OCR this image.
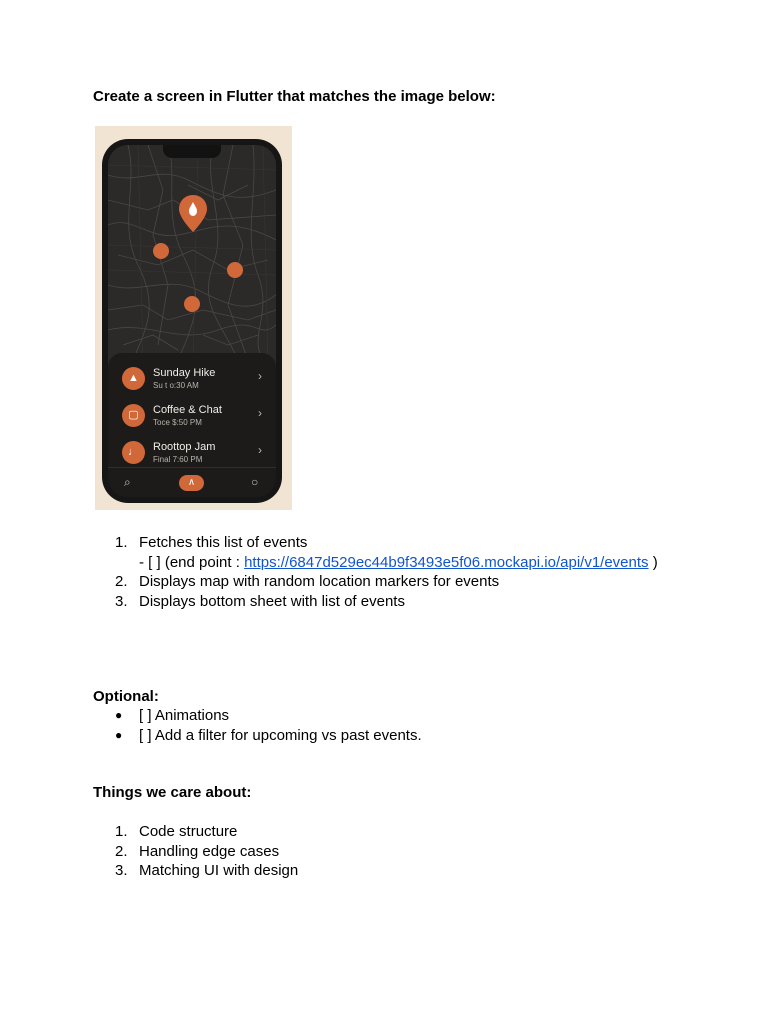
Create a screen in Flutter that matches the image below:
▲	Sunday Hike
Su t o:30 AM
›
▢	Coffee & Chat
Toce $:50 PM
›
♩	Roottop Jam
Final 7:60 PM
›
⌕	∧	○
1. Fetches this list of events
- [ ] (end point : https://6847d529ec44b9f3493e5f06.mockapi.io/api/v1/events )
2. Displays map with random location markers for events
3. Displays bottom sheet with list of events
Optional:
● [ ] Animations
● [ ] Add a filter for upcoming vs past events.
Things we care about:
1. Code structure
2. Handling edge cases
3. Matching UI with design
